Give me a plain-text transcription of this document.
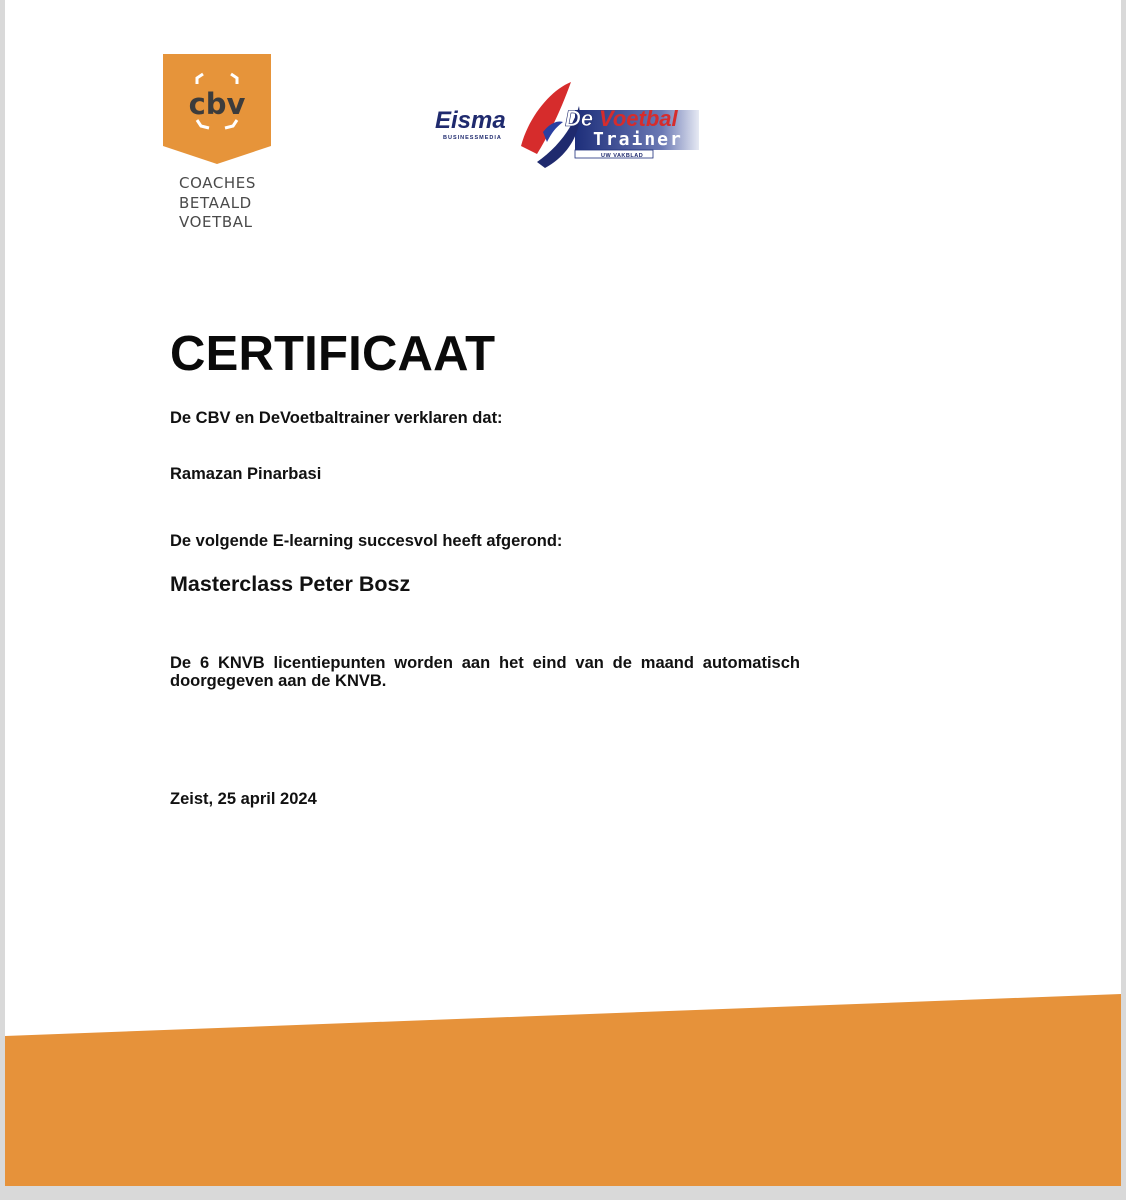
cbv
COACHES
BETAALD
VOETBAL
Eisma
BUSINESSMEDIA
De Voetbal
Trainer
UW VAKBLAD
CERTIFICAAT
De CBV en DeVoetbaltrainer verklaren dat:
Ramazan Pinarbasi
De volgende E-learning succesvol heeft afgerond:
Masterclass Peter Bosz
De 6 KNVB licentiepunten worden aan het eind van de maand automatisch doorgegeven aan de KNVB.
Zeist, 25 april 2024
